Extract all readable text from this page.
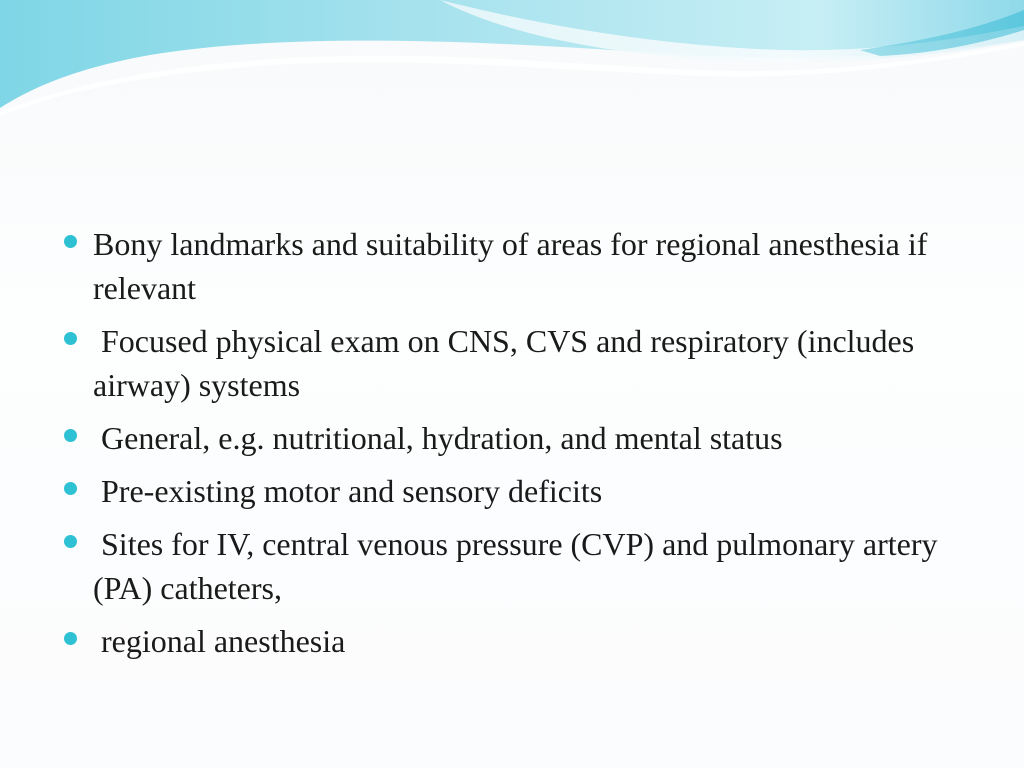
Bony landmarks and suitability of areas for regional anesthesia if relevant
Focused physical exam on CNS, CVS and respiratory (includes airway) systems
General, e.g. nutritional, hydration, and mental status
Pre-existing motor and sensory deficits
Sites for IV, central venous pressure (CVP) and pulmonary artery (PA) catheters,
regional anesthesia
